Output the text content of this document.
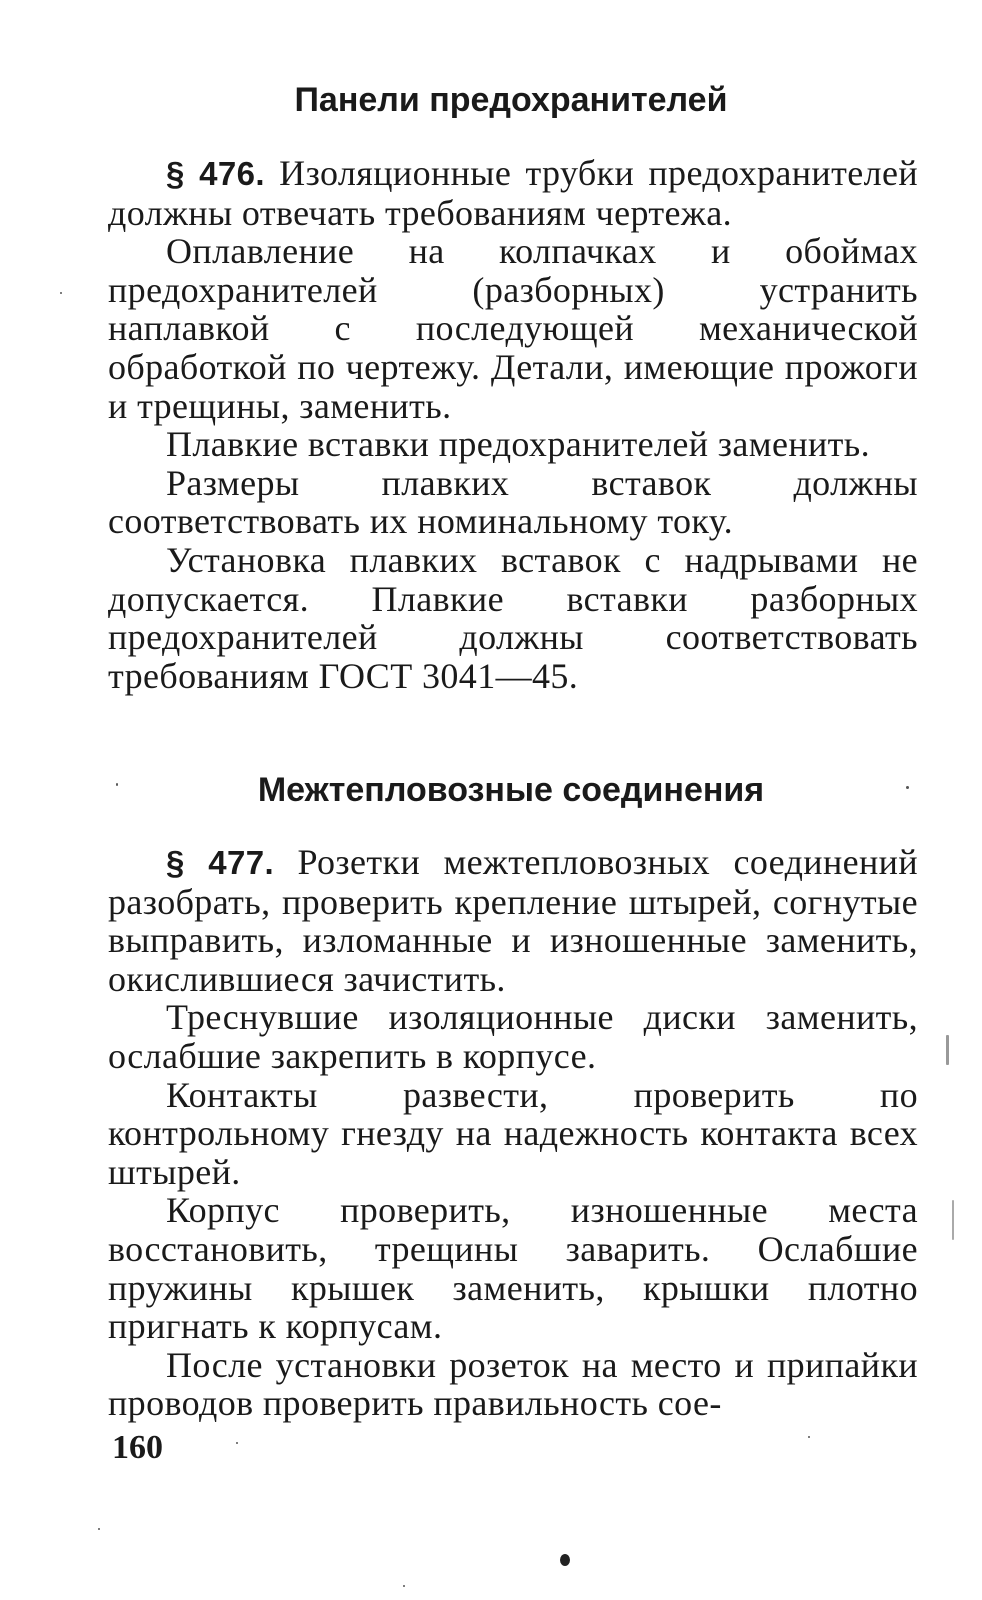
Панели предохранителей

§ 476. Изоляционные трубки предохранителей должны отвечать требованиям чертежа.

Оплавление на колпачках и обоймах предохранителей (разборных) устранить наплавкой с последующей механической обработкой по чертежу. Детали, имеющие прожоги и трещины, заменить.

Плавкие вставки предохранителей заменить.

Размеры плавких вставок должны соответствовать их номинальному току.

Установка плавких вставок с надрывами не допускается. Плавкие вставки разборных предохранителей должны соответствовать требованиям ГОСТ 3041—45.

Межтепловозные соединения

§ 477. Розетки межтепловозных соединений разобрать, проверить крепление штырей, согнутые выправить, изломанные и изношенные заменить, окислившиеся зачистить.

Треснувшие изоляционные диски заменить, ослабшие закрепить в корпусе.

Контакты развести, проверить по контрольному гнезду на надежность контакта всех штырей.

Корпус проверить, изношенные места восстановить, трещины заварить. Ослабшие пружины крышек заменить, крышки плотно пригнать к корпусам.

После установки розеток на место и припайки проводов проверить правильность сое-

160
